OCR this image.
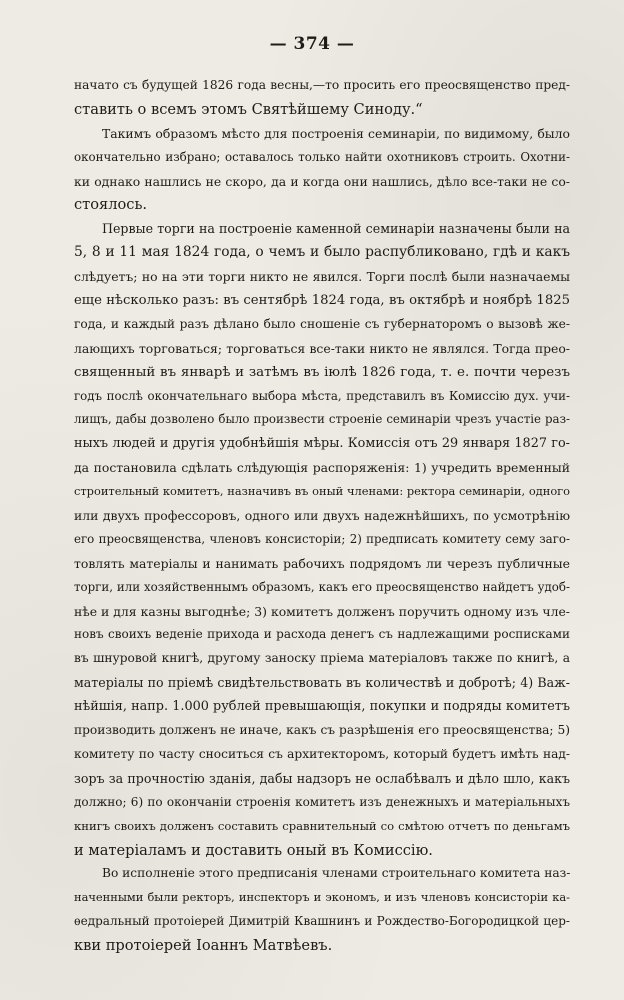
— 374 —
начато съ будущей 1826 года весны,—то просить его преосвященство пред-
ставить о всемъ этомъ Святѣйшему Синоду.“
Такимъ образомъ мѣсто для построенія семинаріи, по видимому, было
окончательно избрано; оставалось только найти охотниковъ строить. Охотни-
ки однако нашлись не скоро, да и когда они нашлись, дѣло все-таки не со-
стоялось.
Первые торги на построеніе каменной семинаріи назначены были на
5, 8 и 11 мая 1824 года, о чемъ и было распубликовано, гдѣ и какъ
слѣдуетъ; но на эти торги никто не явился. Торги послѣ были назначаемы
еще нѣсколько разъ: въ сентябрѣ 1824 года, въ октябрѣ и ноябрѣ 1825
года, и каждый разъ дѣлано было сношеніе съ губернаторомъ о вызовѣ же-
лающихъ торговаться; торговаться все-таки никто не являлся. Тогда прео-
священный въ январѣ и затѣмъ въ іюлѣ 1826 года, т. е. почти черезъ
годъ послѣ окончательнаго выбора мѣста, представилъ въ Комиссію дух. учи-
лищъ, дабы дозволено было произвести строеніе семинаріи чрезъ участіе раз-
ныхъ людей и другія удобнѣйшія мѣры. Комиссія отъ 29 января 1827 го-
да постановила сдѣлать слѣдующія распоряженія: 1) учредить временный
строительный комитетъ, назначивъ въ оный членами: ректора семинаріи, одного
или двухъ профессоровъ, одного или двухъ надежнѣйшихъ, по усмотрѣнію
его преосвященства, членовъ консисторіи; 2) предписать комитету сему заго-
товлять матеріалы и нанимать рабочихъ подрядомъ ли черезъ публичные
торги, или хозяйственнымъ образомъ, какъ его преосвященство найдетъ удоб-
нѣе и для казны выгоднѣе; 3) комитетъ долженъ поручить одному изъ чле-
новъ своихъ веденіе прихода и расхода денегъ съ надлежащими росписками
въ шнуровой книгѣ, другому заноску пріема матеріаловъ также по книгѣ, а
матеріалы по пріемѣ свидѣтельствовать въ количествѣ и добротѣ; 4) Важ-
нѣйшія, напр. 1.000 рублей превышающія, покупки и подряды комитетъ
производить долженъ не иначе, какъ съ разрѣшенія его преосвященства; 5)
комитету по часту сноситься съ архитекторомъ, который будетъ имѣть над-
зоръ за прочностію зданія, дабы надзоръ не ослабѣвалъ и дѣло шло, какъ
должно; 6) по окончаніи строенія комитетъ изъ денежныхъ и матеріальныхъ
книгъ своихъ долженъ составить сравнительный со смѣтою отчетъ по деньгамъ
и матеріаламъ и доставить оный въ Комиссію.
Во исполненіе этого предписанія членами строительнаго комитета наз-
наченными были ректоръ, инспекторъ и экономъ, и изъ членовъ консисторіи ка-
ѳедральный протоіерей Димитрій Квашнинъ и Рождество-Богородицкой цер-
кви протоіерей Іоаннъ Матвѣевъ.
